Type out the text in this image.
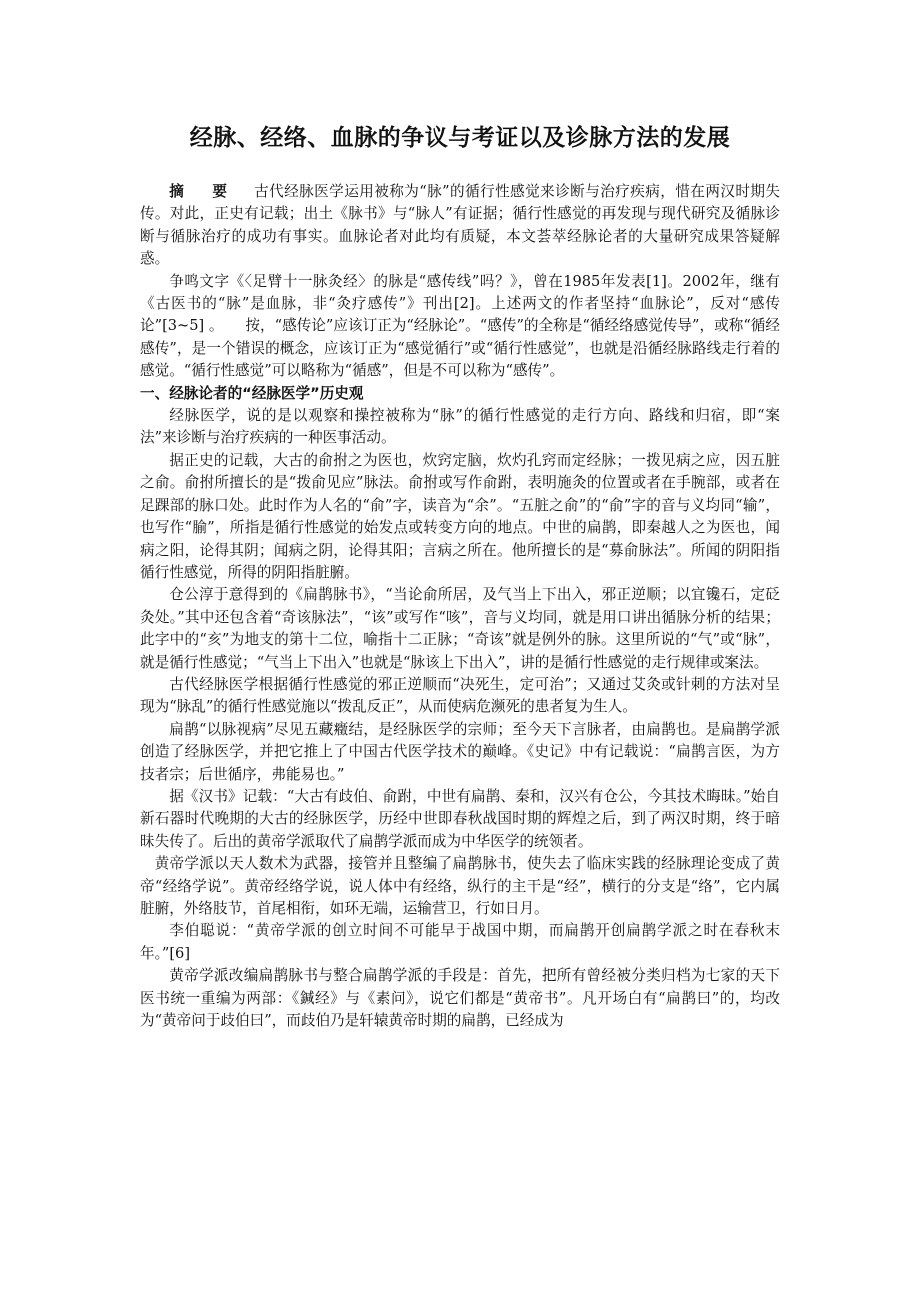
经脉、经络、血脉的争议与考证以及诊脉方法的发展

摘 要 古代经脉医学运用被称为“脉”的循行性感觉来诊断与治疗疾病，惜在两汉时期失传。对此，正史有记载；出土《脉书》与“脉人”有证据；循行性感觉的再发现与现代研究及循脉诊断与循脉治疗的成功有事实。血脉论者对此均有质疑，本文荟萃经脉论者的大量研究成果答疑解惑。

争鸣文字《〈足臂十一脉灸经〉的脉是“感传线”吗？》，曾在1985年发表[1]。2002年，继有《古医书的“脉”是血脉，非“灸疗感传”》刊出[2]。上述两文的作者坚持“血脉论”，反对“感传论”[3~5] 。　　按，“感传论”应该订正为“经脉论”。“感传”的全称是“循经络感觉传导”，或称“循经感传”，是一个错误的概念，应该订正为“感觉循行”或“循行性感觉”，也就是沿循经脉路线走行着的感觉。“循行性感觉”可以略称为“循感”，但是不可以称为“感传”。

一、经脉论者的“经脉医学”历史观

经脉医学，说的是以观察和操控被称为“脉”的循行性感觉的走行方向、路线和归宿，即“案法”来诊断与治疗疾病的一种医事活动。

据正史的记载，大古的俞拊之为医也，炊窍定脑，炊灼孔窍而定经脉；一拨见病之应，因五脏之俞。俞拊所擅长的是“拨俞见应”脉法。俞拊或写作俞跗，表明施灸的位置或者在手腕部，或者在足踝部的脉口处。此时作为人名的“俞”字，读音为“余”。“五脏之俞”的“俞”字的音与义均同“输”，也写作“腧”，所指是循行性感觉的始发点或转变方向的地点。中世的扁鹊，即秦越人之为医也，闻病之阳，论得其阴；闻病之阴，论得其阳；言病之所在。他所擅长的是“募俞脉法”。所闻的阴阳指循行性感觉，所得的阴阳指脏腑。

仓公淳于意得到的《扁鹊脉书》，“当论俞所居，及气当上下出入，邪正逆顺；以宜镵石，定砭灸处。”其中还包含着“奇该脉法”，“该”或写作“咳”，音与义均同，就是用口讲出循脉分析的结果；此字中的“亥”为地支的第十二位，喻指十二正脉；“奇该”就是例外的脉。这里所说的“气”或“脉”，就是循行性感觉；“气当上下出入”也就是“脉该上下出入”，讲的是循行性感觉的走行规律或案法。

古代经脉医学根据循行性感觉的邪正逆顺而“决死生，定可治”；又通过艾灸或针刺的方法对呈现为“脉乱”的循行性感觉施以“拨乱反正”，从而使病危濒死的患者复为生人。

扁鹊“以脉视病”尽见五藏癥结，是经脉医学的宗师；至今天下言脉者，由扁鹊也。是扁鹊学派创造了经脉医学，并把它推上了中国古代医学技术的巅峰。《史记》中有记载说：“扁鹊言医，为方技者宗；后世循序，弗能易也。”

据《汉书》记载：“大古有歧伯、俞跗，中世有扁鹊、秦和，汉兴有仓公，今其技术晦昧。”始自新石器时代晚期的大古的经脉医学，历经中世即春秋战国时期的辉煌之后，到了两汉时期，终于暗昧失传了。后出的黄帝学派取代了扁鹊学派而成为中华医学的统领者。

黄帝学派以天人数术为武器，接管并且整编了扁鹊脉书，使失去了临床实践的经脉理论变成了黄帝“经络学说”。黄帝经络学说，说人体中有经络，纵行的主干是“经”，横行的分支是“络”，它内属脏腑，外络肢节，首尾相衔，如环无端，运输营卫，行如日月。

李伯聪说：“黄帝学派的创立时间不可能早于战国中期，而扁鹊开创扁鹊学派之时在春秋末年。”[6]

黄帝学派改编扁鹊脉书与整合扁鹊学派的手段是：首先，把所有曾经被分类归档为七家的天下医书统一重编为两部：《鍼经》与《素问》，说它们都是“黄帝书”。凡开场白有“扁鹊曰”的，均改为“黄帝问于歧伯曰”，而歧伯乃是轩辕黄帝时期的扁鹊，已经成为
